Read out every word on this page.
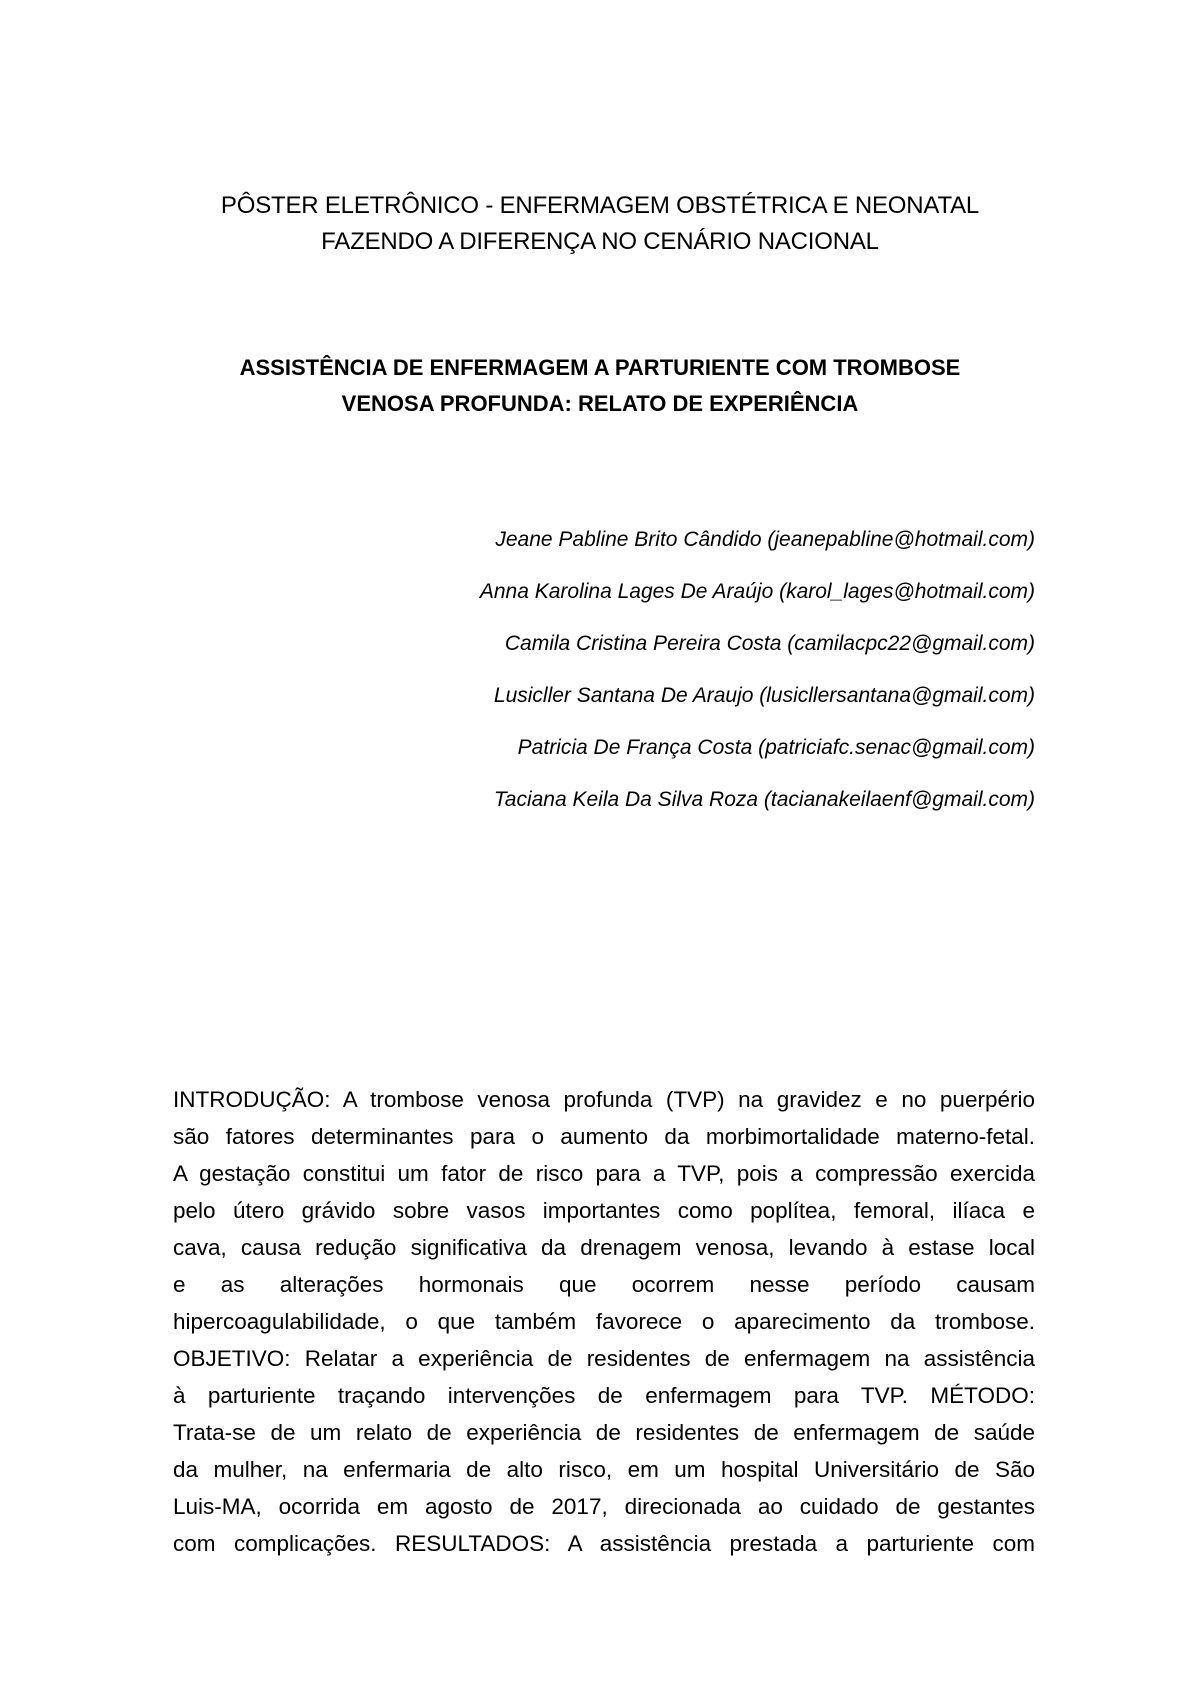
PÔSTER ELETRÔNICO - ENFERMAGEM OBSTÉTRICA E NEONATAL
FAZENDO A DIFERENÇA NO CENÁRIO NACIONAL
ASSISTÊNCIA DE ENFERMAGEM A PARTURIENTE COM TROMBOSE
VENOSA PROFUNDA: RELATO DE EXPERIÊNCIA
Jeane Pabline Brito Cândido (jeanepabline@hotmail.com)
Anna Karolina Lages De Araújo (karol_lages@hotmail.com)
Camila Cristina Pereira Costa (camilacpc22@gmail.com)
Lusicller Santana De Araujo (lusicllersantana@gmail.com)
Patricia De França Costa (patriciafc.senac@gmail.com)
Taciana Keila Da Silva Roza (tacianakeilaenf@gmail.com)
INTRODUÇÃO: A trombose venosa profunda (TVP) na gravidez e no puerpério
são fatores determinantes para o aumento da morbimortalidade materno-fetal.
A gestação constitui um fator de risco para a TVP, pois a compressão exercida
pelo útero grávido sobre vasos importantes como poplítea, femoral, ilíaca e
cava, causa redução significativa da drenagem venosa, levando à estase local
e as alterações hormonais que ocorrem nesse período causam
hipercoagulabilidade, o que também favorece o aparecimento da trombose.
OBJETIVO: Relatar a experiência de residentes de enfermagem na assistência
à parturiente traçando intervenções de enfermagem para TVP. MÉTODO:
Trata-se de um relato de experiência de residentes de enfermagem de saúde
da mulher, na enfermaria de alto risco, em um hospital Universitário de São
Luis-MA, ocorrida em agosto de 2017, direcionada ao cuidado de gestantes
com complicações. RESULTADOS: A assistência prestada a parturiente com
